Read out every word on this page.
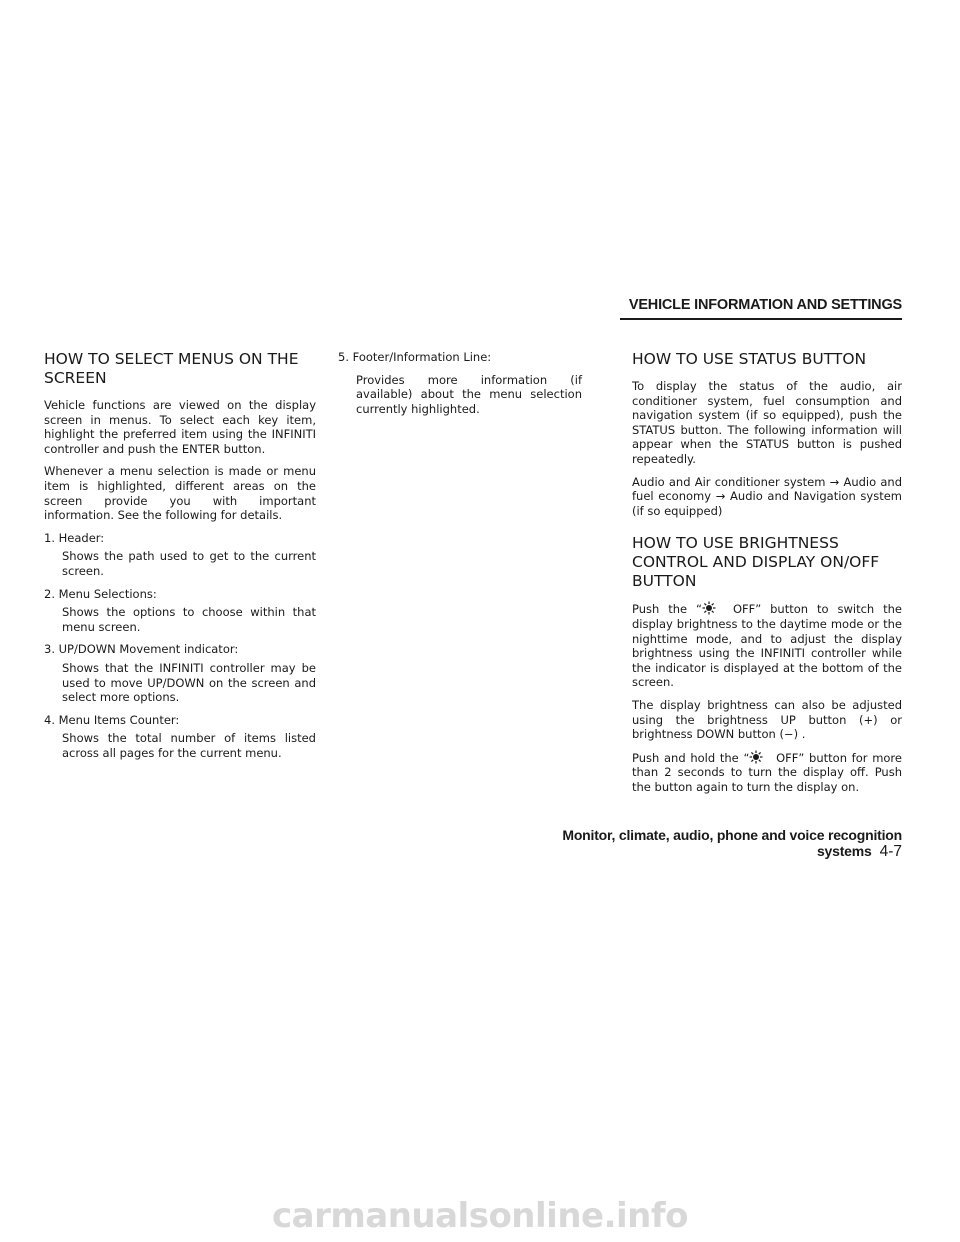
VEHICLE INFORMATION AND SETTINGS
HOW TO SELECT MENUS ON THE SCREEN

Vehicle functions are viewed on the display screen in menus. To select each key item, highlight the preferred item using the INFINITI controller and push the ENTER button.

Whenever a menu selection is made or menu item is highlighted, different areas on the screen provide you with important information. See the following for details.

1. Header:
Shows the path used to get to the current screen.
2. Menu Selections:
Shows the options to choose within that menu screen.
3. UP/DOWN Movement indicator:
Shows that the INFINITI controller may be used to move UP/DOWN on the screen and select more options.
4. Menu Items Counter:
Shows the total number of items listed across all pages for the current menu.
5. Footer/Information Line:
Provides more information (if available) about the menu selection currently highlighted.
HOW TO USE STATUS BUTTON

To display the status of the audio, air conditioner system, fuel consumption and navigation system (if so equipped), push the STATUS button. The following information will appear when the STATUS button is pushed repeatedly.

Audio and Air conditioner system → Audio and fuel economy → Audio and Navigation system (if so equipped)

HOW TO USE BRIGHTNESS CONTROL AND DISPLAY ON/OFF BUTTON

Push the “
OFF” button to switch the display brightness to the daytime mode or the nighttime mode, and to adjust the display brightness using the INFINITI controller while the indicator is displayed at the bottom of the screen.

The display brightness can also be adjusted using the brightness UP button (+) or brightness DOWN button (−) .

Push and hold the “
OFF” button for more than 2 seconds to turn the display off. Push the button again to turn the display on.

Monitor, climate, audio, phone and voice recognition systems 4-7
carmanualsonline.info
